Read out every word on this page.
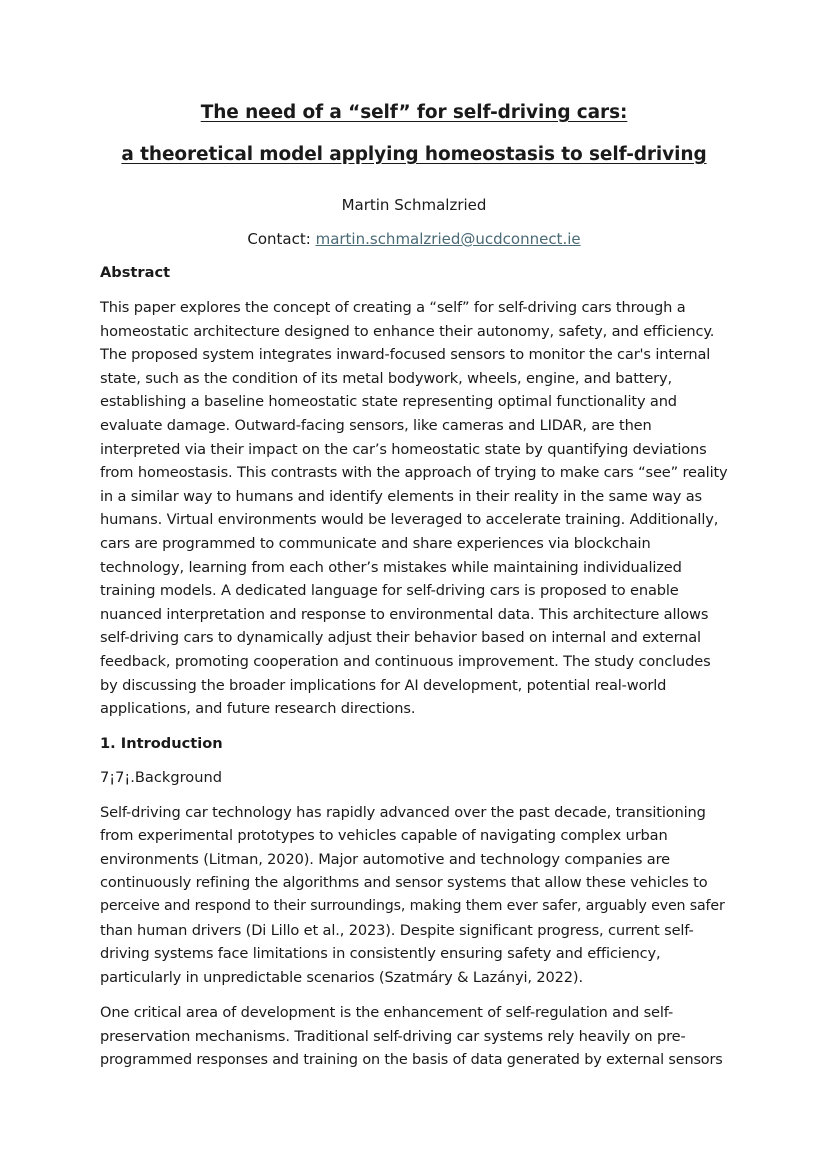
The need of a “self” for self-driving cars:
a theoretical model applying homeostasis to self-driving
Martin Schmalzried
Contact: martin.schmalzried@ucdconnect.ie
Abstract
This paper explores the concept of creating a “self” for self-driving cars through a
homeostatic architecture designed to enhance their autonomy, safety, and efficiency.
The proposed system integrates inward-focused sensors to monitor the car's internal
state, such as the condition of its metal bodywork, wheels, engine, and battery,
establishing a baseline homeostatic state representing optimal functionality and
evaluate damage. Outward-facing sensors, like cameras and LIDAR, are then
interpreted via their impact on the car’s homeostatic state by quantifying deviations
from homeostasis. This contrasts with the approach of trying to make cars “see” reality
in a similar way to humans and identify elements in their reality in the same way as
humans. Virtual environments would be leveraged to accelerate training. Additionally,
cars are programmed to communicate and share experiences via blockchain
technology, learning from each other’s mistakes while maintaining individualized
training models. A dedicated language for self-driving cars is proposed to enable
nuanced interpretation and response to environmental data. This architecture allows
self-driving cars to dynamically adjust their behavior based on internal and external
feedback, promoting cooperation and continuous improvement. The study concludes
by discussing the broader implications for AI development, potential real-world
applications, and future research directions.
1. Introduction
7¡7¡.Background
Self-driving car technology has rapidly advanced over the past decade, transitioning
from experimental prototypes to vehicles capable of navigating complex urban
environments (Litman, 2020). Major automotive and technology companies are
continuously refining the algorithms and sensor systems that allow these vehicles to
perceive and respond to their surroundings, making them ever safer, arguably even safer
than human drivers (Di Lillo et al., 2023). Despite significant progress, current self-
driving systems face limitations in consistently ensuring safety and efficiency,
particularly in unpredictable scenarios (Szatmáry & Lazányi, 2022).
One critical area of development is the enhancement of self-regulation and self-
preservation mechanisms. Traditional self-driving car systems rely heavily on pre-
programmed responses and training on the basis of data generated by external sensors
